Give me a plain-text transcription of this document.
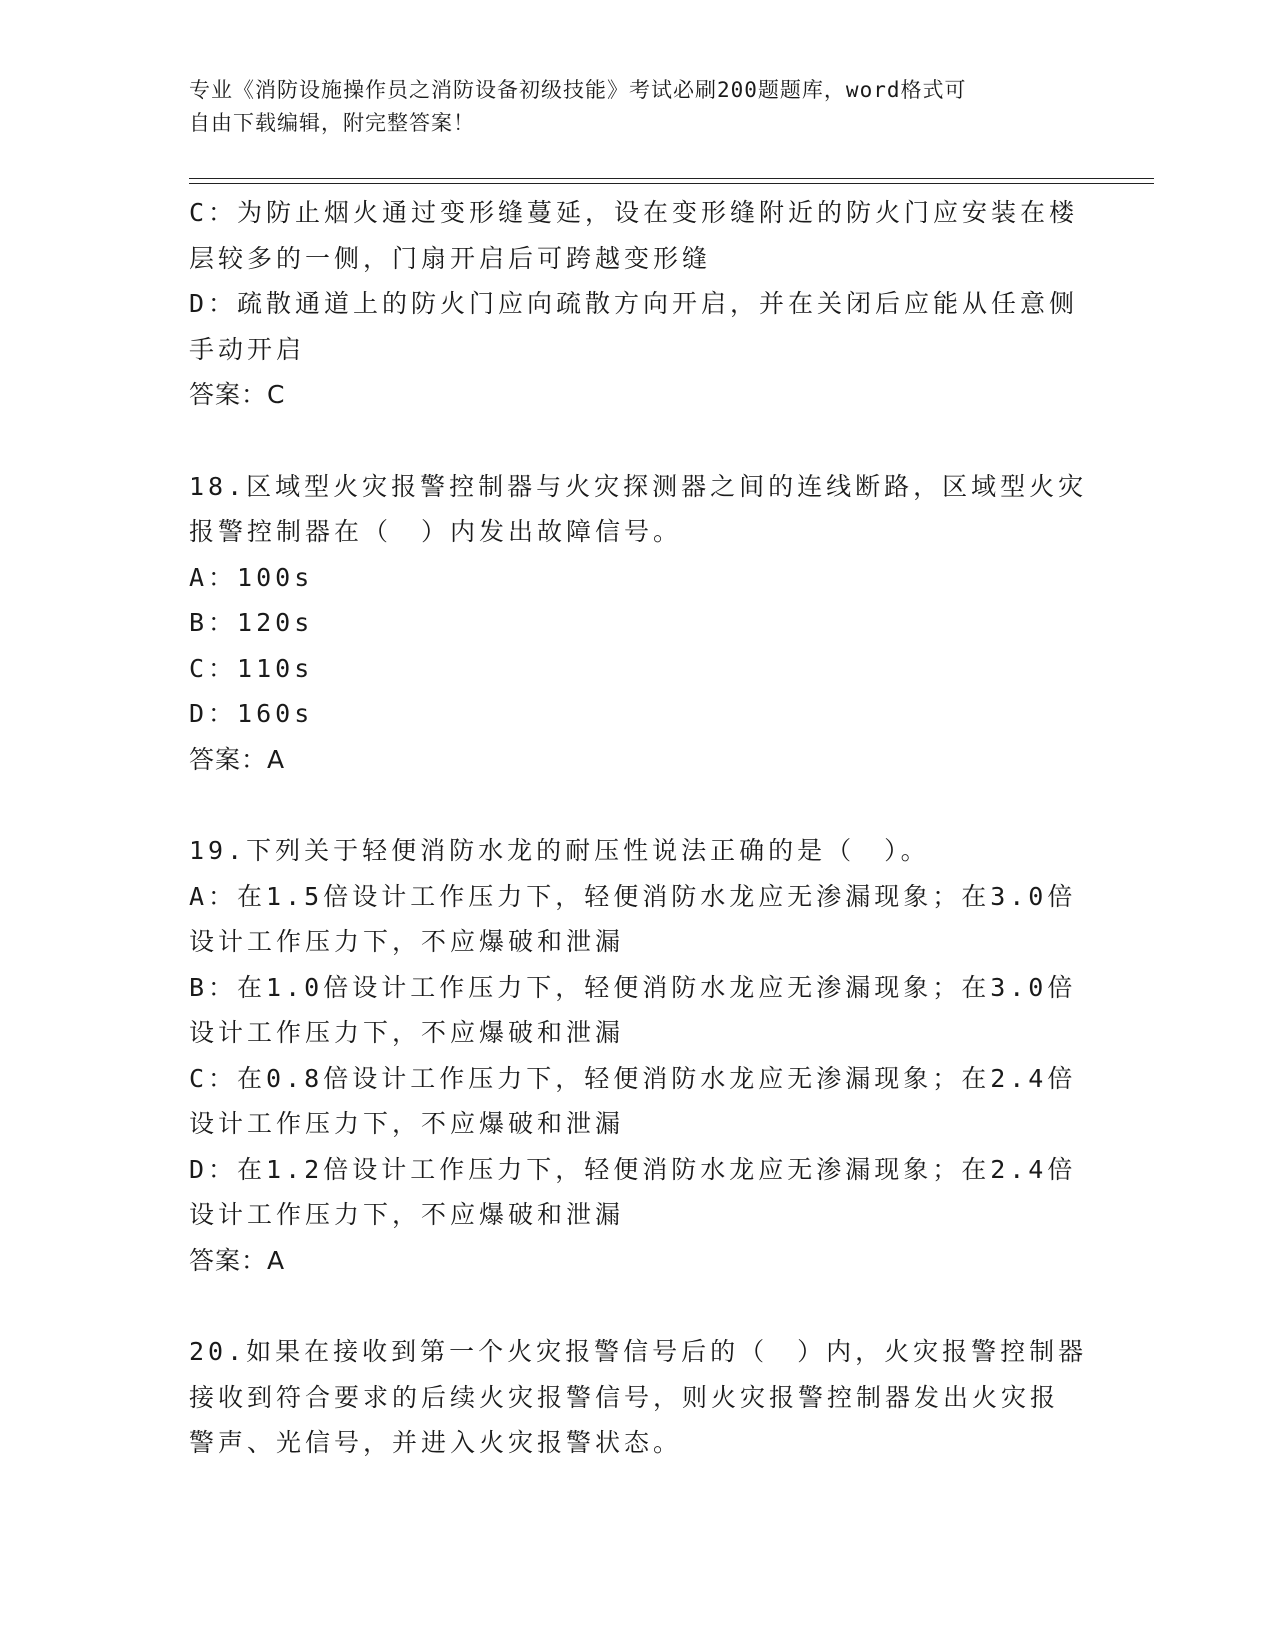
专业《消防设施操作员之消防设备初级技能》考试必刷200题题库，word格式可
自由下载编辑，附完整答案！
C：为防止烟火通过变形缝蔓延，设在变形缝附近的防火门应安装在楼
层较多的一侧，门扇开启后可跨越变形缝
D：疏散通道上的防火门应向疏散方向开启，并在关闭后应能从任意侧
手动开启
答案：C
18.区域型火灾报警控制器与火灾探测器之间的连线断路，区域型火灾
报警控制器在（　）内发出故障信号。
A：100s
B：120s
C：110s
D：160s
答案：A
19.下列关于轻便消防水龙的耐压性说法正确的是（　）。
A：在1.5倍设计工作压力下，轻便消防水龙应无渗漏现象；在3.0倍
设计工作压力下，不应爆破和泄漏
B：在1.0倍设计工作压力下，轻便消防水龙应无渗漏现象；在3.0倍
设计工作压力下，不应爆破和泄漏
C：在0.8倍设计工作压力下，轻便消防水龙应无渗漏现象；在2.4倍
设计工作压力下，不应爆破和泄漏
D：在1.2倍设计工作压力下，轻便消防水龙应无渗漏现象；在2.4倍
设计工作压力下，不应爆破和泄漏
答案：A
20.如果在接收到第一个火灾报警信号后的（　）内，火灾报警控制器
接收到符合要求的后续火灾报警信号，则火灾报警控制器发出火灾报
警声、光信号，并进入火灾报警状态。
